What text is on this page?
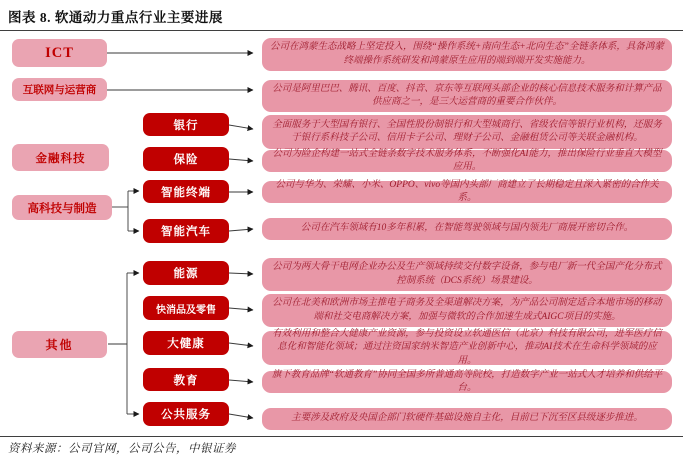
图表 8. 软通动力重点行业主要进展
ICT
互联网与运营商
金融科技
高科技与制造
其他
银行
保险
智能终端
智能汽车
能源
快消品及零售
大健康
教育
公共服务
公司在鸿蒙生态战略上坚定投入，围绕“操作系统+南向生态+北向生态”全链条体系，具备鸿蒙终端操作系统研发和鸿蒙原生应用的端到端开发实施能力。
公司是阿里巴巴、腾讯、百度、抖音、京东等互联网头部企业的核心信息技术服务和计算产品供应商之一，是三大运营商的重要合作伙伴。
全面服务于大型国有银行、全国性股份制银行和大型城商行、省级农信等银行业机构，还服务于银行系科技子公司、信用卡子公司、理财子公司、金融租赁公司等关联金融机构。
公司为险企构建一站式全链条数字技术服务体系，不断强化AI能力，推出保险行业垂直大模型应用。
公司与华为、荣耀、小米、OPPO、vivo等国内头部厂商建立了长期稳定且深入紧密的合作关系。
公司在汽车领域有10多年积累，在智能驾驶领域与国内领先厂商展开密切合作。
公司为两大骨干电网企业办公及生产领域持续交付数字设备，参与电厂新一代全国产化分布式控制系统（DCS系统）场景建设。
公司在北美和欧洲市场主推电子商务及全渠道解决方案，为产品公司制定适合本地市场的移动端和社交电商解决方案，加强与微软的合作加速生成式AIGC项目的实施。
有效利用和整合大健康产业资源，参与投资设立软通医信（北京）科技有限公司，进军医疗信息化和智能化领域；通过注资国家纳米智造产业创新中心，推动AI技术在生命科学领域的应用。
旗下教育品牌“软通教育”协同全国多所普通高等院校，打造数字产业一站式人才培养和供给平台。
主要涉及政府及央国企部门软硬件基础设施自主化，目前已下沉至区县级逐步推进。
资料来源：公司官网，公司公告，中银证券
